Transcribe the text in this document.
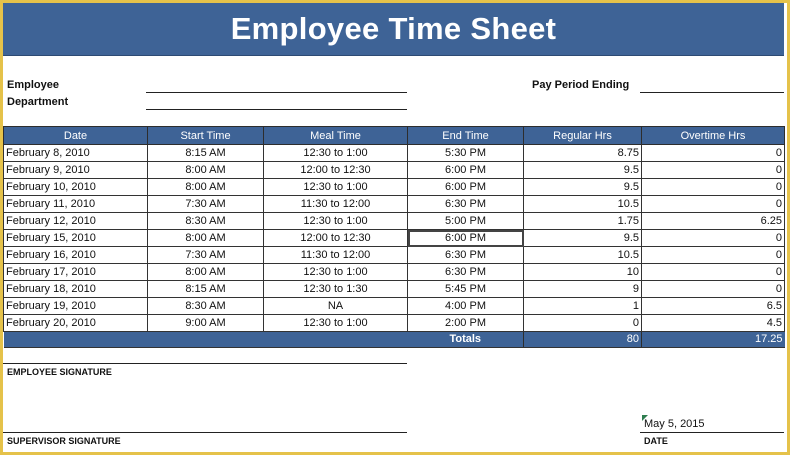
Employee Time Sheet
Employee
Department
Pay Period Ending
Date	Start Time	Meal Time	End Time	Regular Hrs	Overtime Hrs
February 8, 2010	8:15 AM	12:30 to 1:00	5:30 PM	8.75	0
February 9, 2010	8:00 AM	12:00 to 12:30	6:00 PM	9.5	0
February 10, 2010	8:00 AM	12:30 to 1:00	6:00 PM	9.5	0
February 11, 2010	7:30 AM	11:30 to 12:00	6:30 PM	10.5	0
February 12, 2010	8:30 AM	12:30 to 1:00	5:00 PM	1.75	6.25
February 15, 2010	8:00 AM	12:00 to 12:30	6:00 PM	9.5	0
February 16, 2010	7:30 AM	11:30 to 12:00	6:30 PM	10.5	0
February 17, 2010	8:00 AM	12:30 to 1:00	6:30 PM	10	0
February 18, 2010	8:15 AM	12:30 to 1:30	5:45 PM	9	0
February 19, 2010	8:30 AM	NA	4:00 PM	1	6.5
February 20, 2010	9:00 AM	12:30 to 1:00	2:00 PM	0	4.5
			Totals	80	17.25
EMPLOYEE SIGNATURE
SUPERVISOR SIGNATURE
May 5, 2015
DATE
